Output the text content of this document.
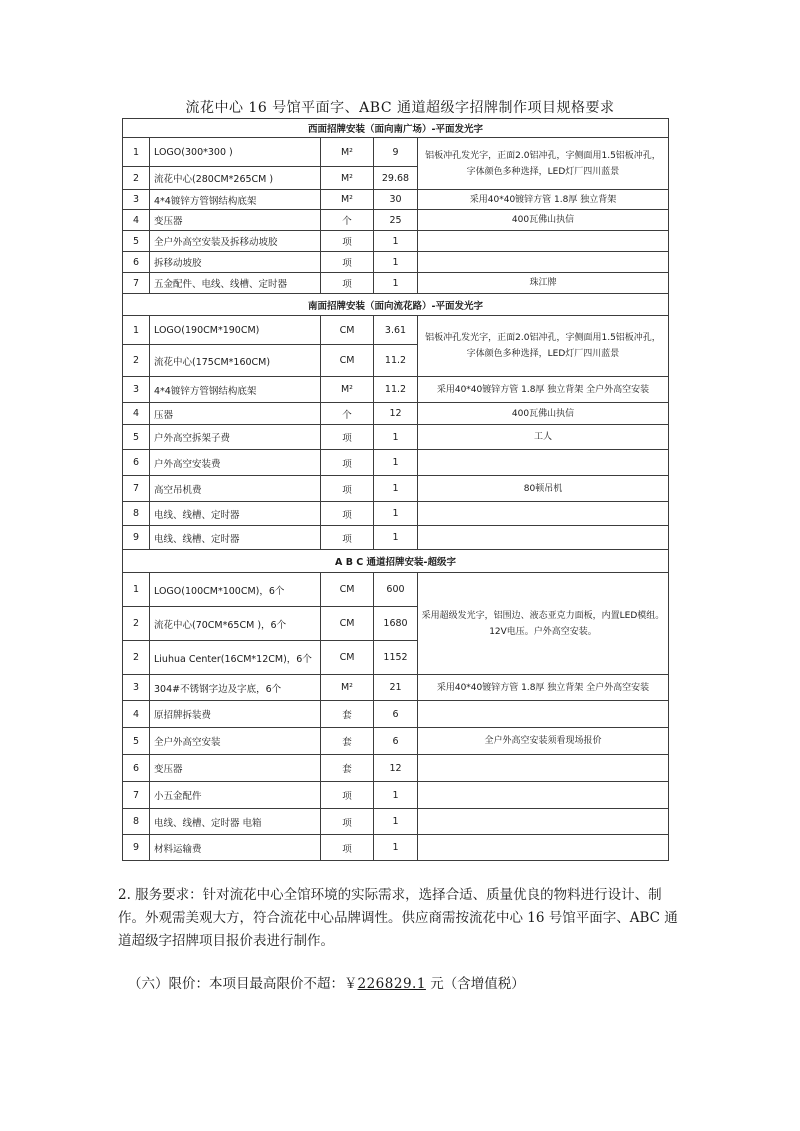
流花中心 16 号馆平面字、ABC 通道超级字招牌制作项目规格要求
西面招牌安装（面向南广场）-平面发光字				
1	LOGO(300*300 )	M²	9	铝板冲孔发光字，正面2.0铝冲孔，字侧面用1.5铝板冲孔，字体颜色多种选择，LED灯厂四川蓝景
2	流花中心(280CM*265CM )	M²	29.68	
3	4*4镀锌方管钢结构底架	M²	30	采用40*40镀锌方管 1.8厚 独立背架
4	变压器	个	25	400瓦佛山执信
5	全户外高空安装及拆移动坡胶	项	1	
6	拆移动坡胶	项	1	
7	五金配件、电线、线槽、定时器	项	1	珠江牌
南面招牌安装（面向流花路）-平面发光字				
1	LOGO(190CM*190CM)	CM	3.61	铝板冲孔发光字，正面2.0铝冲孔，字侧面用1.5铝板冲孔，字体颜色多种选择，LED灯厂四川蓝景
2	流花中心(175CM*160CM)	CM	11.2	
3	4*4镀锌方管钢结构底架	M²	11.2	采用40*40镀锌方管 1.8厚 独立背架 全户外高空安装
4	压器	个	12	400瓦佛山执信
5	户外高空拆架子费	项	1	工人
6	户外高空安装费	项	1	
7	高空吊机费	项	1	80顿吊机
8	电线、线槽、定时器	项	1	
9	电线、线槽、定时器	项	1	
A B C 通道招牌安装-超级字				
1	LOGO(100CM*100CM)，6个	CM	600	采用超级发光字，铝围边、液态亚克力面板，内置LED模组。12V电压。户外高空安装。
2	流花中心(70CM*65CM )，6个	CM	1680	
2	Liuhua Center(16CM*12CM)，6个	CM	1152	
3	304#不锈钢字边及字底，6个	M²	21	采用40*40镀锌方管 1.8厚 独立背架 全户外高空安装
4	原招牌拆装费	套	6	
5	全户外高空安装	套	6	全户外高空安装须看现场报价
6	变压器	套	12	
7	小五金配件	项	1	
8	电线、线槽、定时器 电箱	项	1	
9	材料运输费	项	1	
2. 服务要求：针对流花中心全馆环境的实际需求，选择合适、质量优良的物料进行设计、制作。外观需美观大方，符合流花中心品牌调性。供应商需按流花中心 16 号馆平面字、ABC 通道超级字招牌项目报价表进行制作。
（六）限价：本项目最高限价不超：￥226829.1 元（含增值税）
